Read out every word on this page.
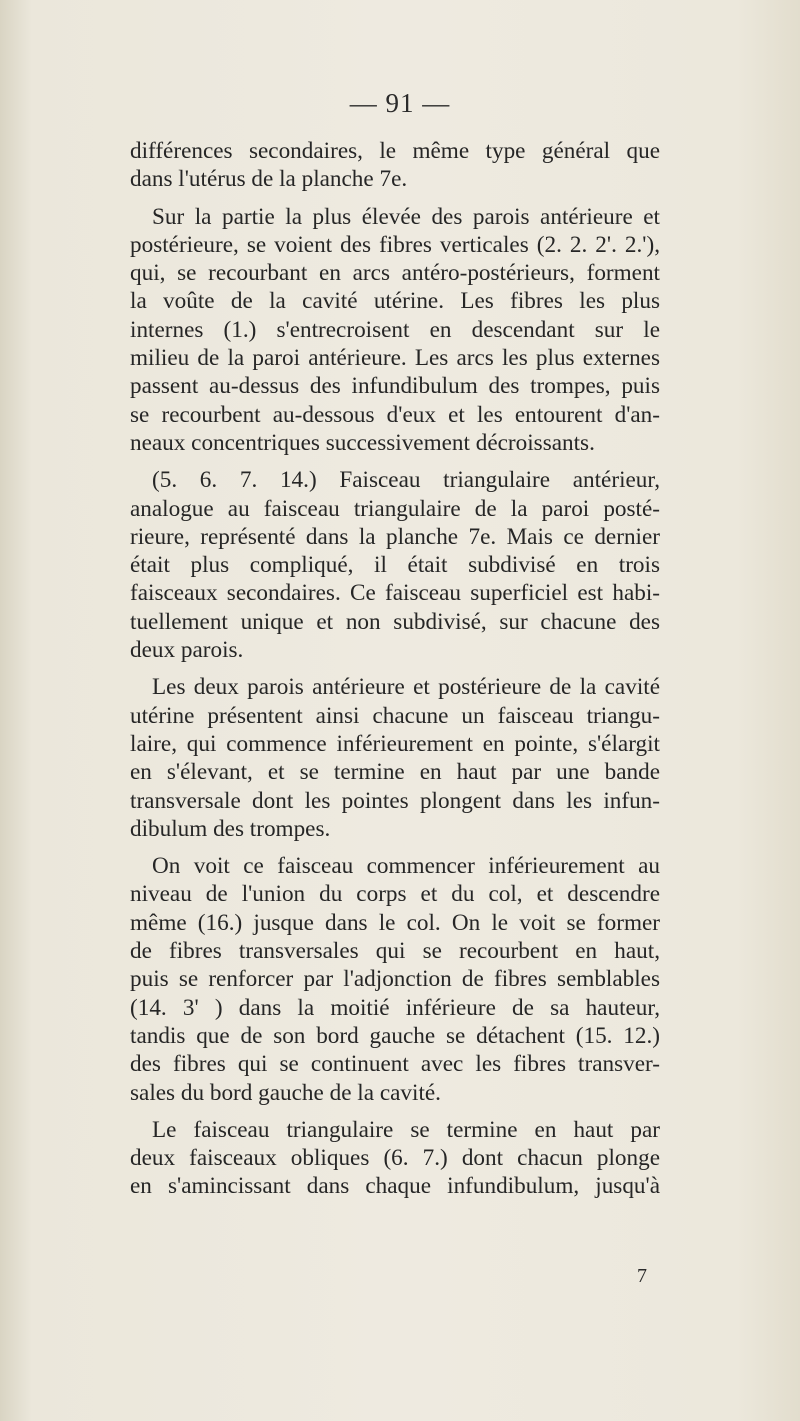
— 91 —
différences secondaires, le même type général que
dans l'utérus de la planche 7e.
Sur la partie la plus élevée des parois antérieure et
postérieure, se voient des fibres verticales (2. 2. 2'. 2.'),
qui, se recourbant en arcs antéro-postérieurs, forment
la voûte de la cavité utérine. Les fibres les plus
internes (1.) s'entrecroisent en descendant sur le
milieu de la paroi antérieure. Les arcs les plus externes
passent au-dessus des infundibulum des trompes, puis
se recourbent au-dessous d'eux et les entourent d'an-
neaux concentriques successivement décroissants.
(5. 6. 7. 14.) Faisceau triangulaire antérieur,
analogue au faisceau triangulaire de la paroi posté-
rieure, représenté dans la planche 7e. Mais ce dernier
était plus compliqué, il était subdivisé en trois
faisceaux secondaires. Ce faisceau superficiel est habi-
tuellement unique et non subdivisé, sur chacune des
deux parois.
Les deux parois antérieure et postérieure de la cavité
utérine présentent ainsi chacune un faisceau triangu-
laire, qui commence inférieurement en pointe, s'élargit
en s'élevant, et se termine en haut par une bande
transversale dont les pointes plongent dans les infun-
dibulum des trompes.
On voit ce faisceau commencer inférieurement au
niveau de l'union du corps et du col, et descendre
même (16.) jusque dans le col. On le voit se former
de fibres transversales qui se recourbent en haut,
puis se renforcer par l'adjonction de fibres semblables
(14. 3' ) dans la moitié inférieure de sa hauteur,
tandis que de son bord gauche se détachent (15. 12.)
des fibres qui se continuent avec les fibres transver-
sales du bord gauche de la cavité.
Le faisceau triangulaire se termine en haut par
deux faisceaux obliques (6. 7.) dont chacun plonge
en s'amincissant dans chaque infundibulum, jusqu'à
7
